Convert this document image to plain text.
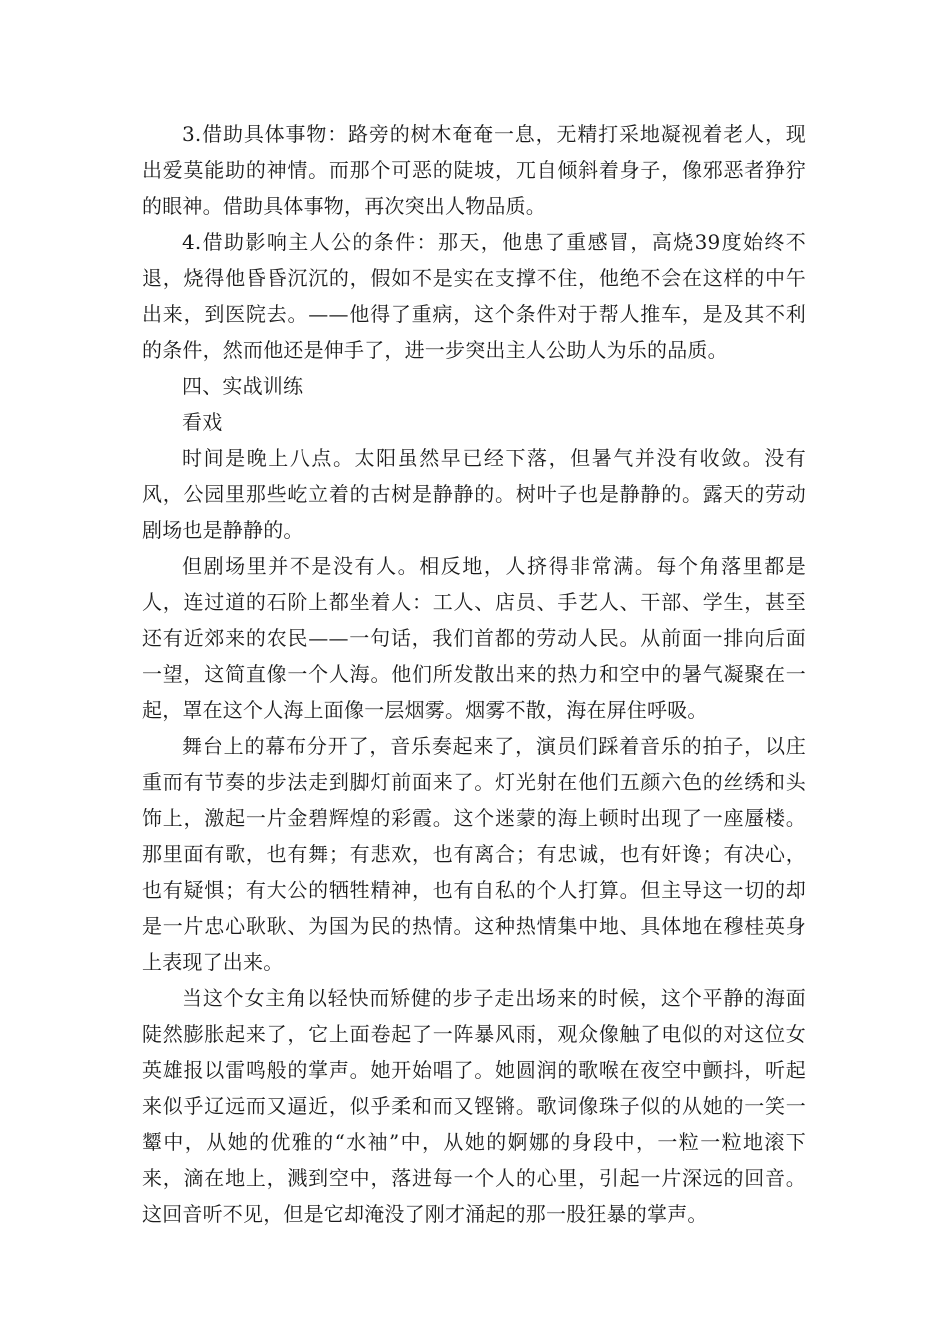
3.借助具体事物：路旁的树木奄奄一息，无精打采地凝视着老人，现出爱莫能助的神情。而那个可恶的陡坡，兀自倾斜着身子，像邪恶者狰狞的眼神。借助具体事物，再次突出人物品质。

4.借助影响主人公的条件：那天，他患了重感冒，高烧39度始终不退，烧得他昏昏沉沉的，假如不是实在支撑不住，他绝不会在这样的中午出来，到医院去。——他得了重病，这个条件对于帮人推车，是及其不利的条件，然而他还是伸手了，进一步突出主人公助人为乐的品质。

四、实战训练

看戏

时间是晚上八点。太阳虽然早已经下落，但暑气并没有收敛。没有风，公园里那些屹立着的古树是静静的。树叶子也是静静的。露天的劳动剧场也是静静的。

但剧场里并不是没有人。相反地，人挤得非常满。每个角落里都是人，连过道的石阶上都坐着人：工人、店员、手艺人、干部、学生，甚至还有近郊来的农民——一句话，我们首都的劳动人民。从前面一排向后面一望，这简直像一个人海。他们所发散出来的热力和空中的暑气凝聚在一起，罩在这个人海上面像一层烟雾。烟雾不散，海在屏住呼吸。

舞台上的幕布分开了，音乐奏起来了，演员们踩着音乐的拍子，以庄重而有节奏的步法走到脚灯前面来了。灯光射在他们五颜六色的丝绣和头饰上，激起一片金碧辉煌的彩霞。这个迷蒙的海上顿时出现了一座蜃楼。那里面有歌，也有舞；有悲欢，也有离合；有忠诚，也有奸谗；有决心，也有疑惧；有大公的牺牲精神，也有自私的个人打算。但主导这一切的却是一片忠心耿耿、为国为民的热情。这种热情集中地、具体地在穆桂英身上表现了出来。

当这个女主角以轻快而矫健的步子走出场来的时候，这个平静的海面陡然膨胀起来了，它上面卷起了一阵暴风雨，观众像触了电似的对这位女英雄报以雷鸣般的掌声。她开始唱了。她圆润的歌喉在夜空中颤抖，听起来似乎辽远而又逼近，似乎柔和而又铿锵。歌词像珠子似的从她的一笑一颦中，从她的优雅的“水袖”中，从她的婀娜的身段中，一粒一粒地滚下来，滴在地上，溅到空中，落进每一个人的心里，引起一片深远的回音。这回音听不见，但是它却淹没了刚才涌起的那一股狂暴的掌声。
